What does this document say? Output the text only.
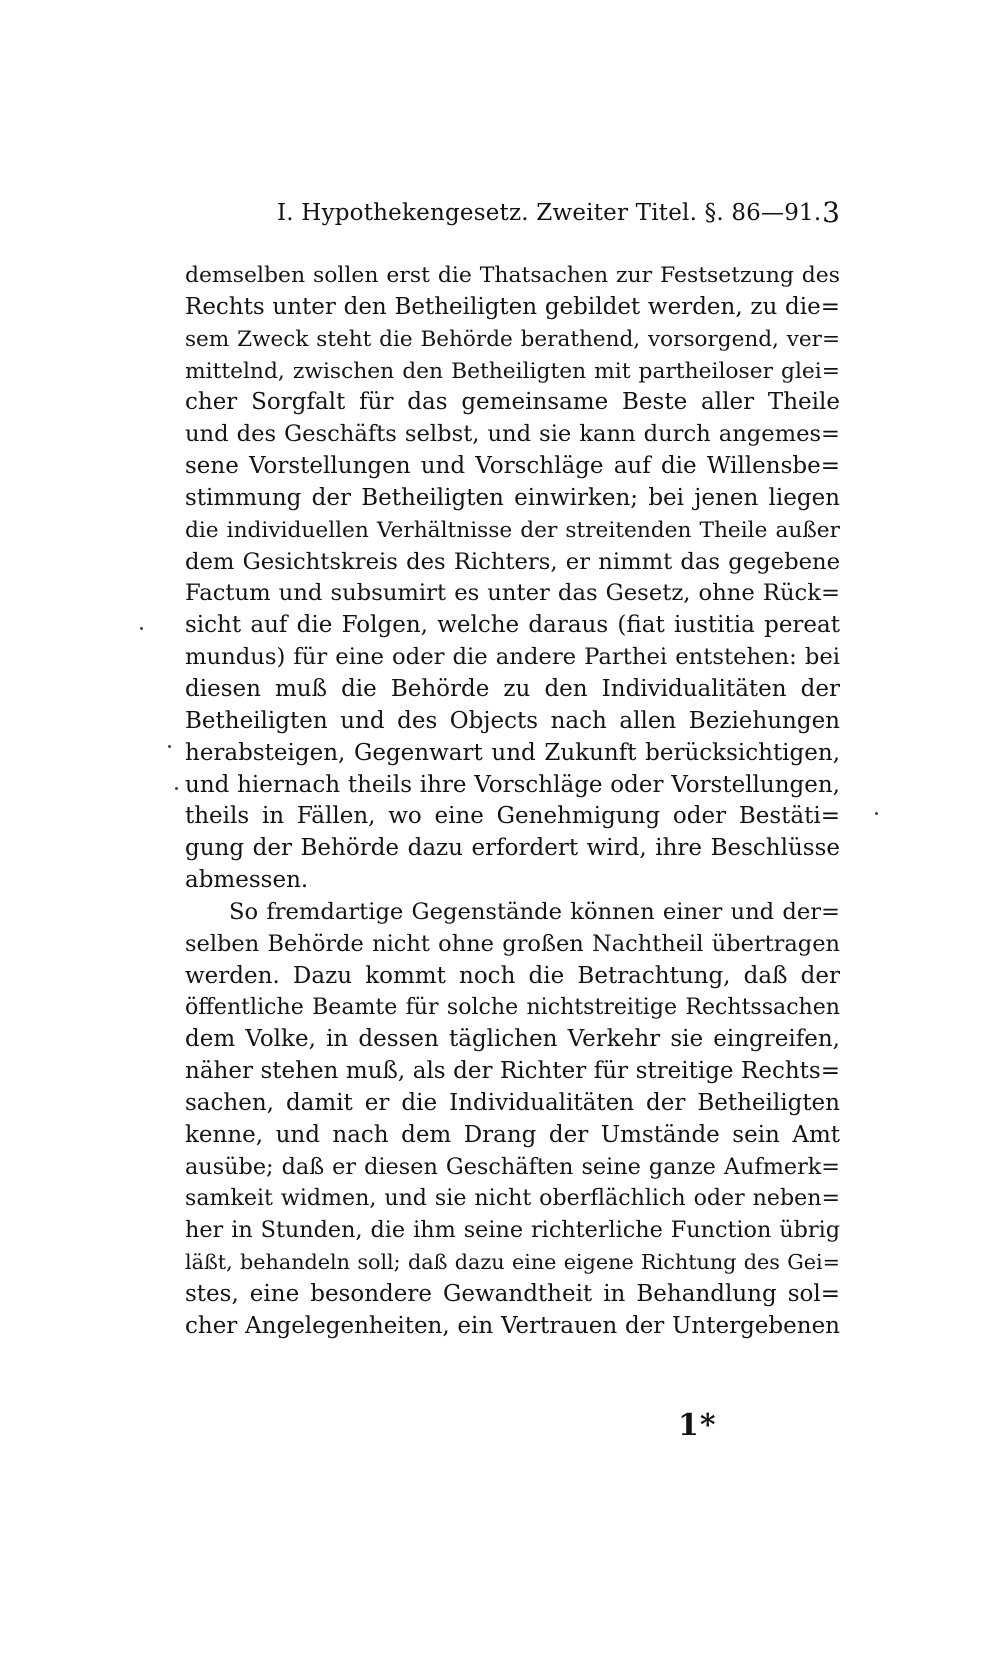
I. Hypothekengesetz. Zweiter Titel. §. 86—91. 3
demselben sollen erst die Thatsachen zur Festsetzung des
Rechts unter den Betheiligten gebildet werden, zu die=
sem Zweck steht die Behörde berathend, vorsorgend, ver=
mittelnd, zwischen den Betheiligten mit partheiloser glei=
cher Sorgfalt für das gemeinsame Beste aller Theile
und des Geschäfts selbst, und sie kann durch angemes=
sene Vorstellungen und Vorschläge auf die Willensbe=
stimmung der Betheiligten einwirken; bei jenen liegen
die individuellen Verhältnisse der streitenden Theile außer
dem Gesichtskreis des Richters, er nimmt das gegebene
Factum und subsumirt es unter das Gesetz, ohne Rück=
sicht auf die Folgen, welche daraus (fiat iustitia pereat
mundus) für eine oder die andere Parthei entstehen: bei
diesen muß die Behörde zu den Individualitäten der
Betheiligten und des Objects nach allen Beziehungen
herabsteigen, Gegenwart und Zukunft berücksichtigen,
und hiernach theils ihre Vorschläge oder Vorstellungen,
theils in Fällen, wo eine Genehmigung oder Bestäti=
gung der Behörde dazu erfordert wird, ihre Beschlüsse
abmessen.
So fremdartige Gegenstände können einer und der=
selben Behörde nicht ohne großen Nachtheil übertragen
werden. Dazu kommt noch die Betrachtung, daß der
öffentliche Beamte für solche nichtstreitige Rechtssachen
dem Volke, in dessen täglichen Verkehr sie eingreifen,
näher stehen muß, als der Richter für streitige Rechts=
sachen, damit er die Individualitäten der Betheiligten
kenne, und nach dem Drang der Umstände sein Amt
ausübe; daß er diesen Geschäften seine ganze Aufmerk=
samkeit widmen, und sie nicht oberflächlich oder neben=
her in Stunden, die ihm seine richterliche Function übrig
läßt, behandeln soll; daß dazu eine eigene Richtung des Gei=
stes, eine besondere Gewandtheit in Behandlung sol=
cher Angelegenheiten, ein Vertrauen der Untergebenen
1*
